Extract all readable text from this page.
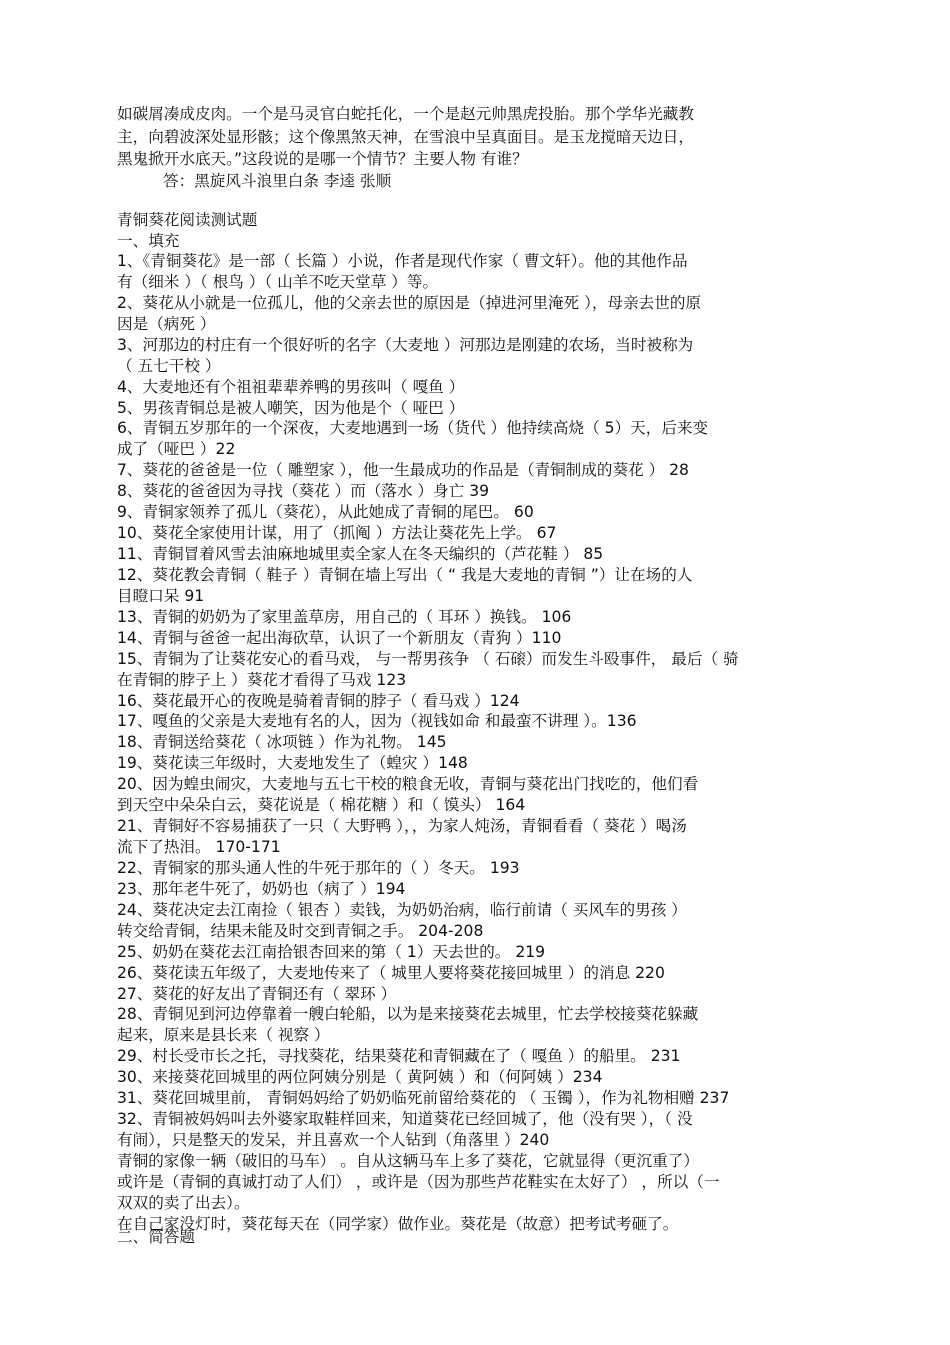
如碳屑凑成皮肉。一个是马灵官白蛇托化，一个是赵元帅黑虎投胎。那个学华光藏教
主，向碧波深处显形骸；这个像黑煞天神，在雪浪中呈真面目。是玉龙搅暗天边日，
黑鬼掀开水底天。”这段说的是哪一个情节？主要人物 有谁？
答：黑旋风斗浪里白条 李逵 张顺
青铜葵花阅读测试题
一、填充
1、《青铜葵花》是一部（ 长篇 ）小说，作者是现代作家（ 曹文轩）。他的其他作品
有（细米 ）（ 根鸟 ）（ 山羊不吃天堂草 ）等。
2、葵花从小就是一位孤儿，他的父亲去世的原因是（掉进河里淹死 ），母亲去世的原
因是（病死 ）
3、河那边的村庄有一个很好听的名字（大麦地 ）河那边是刚建的农场，当时被称为
（ 五七干校 ）
4、大麦地还有个祖祖辈辈养鸭的男孩叫（ 嘎鱼 ）
5、男孩青铜总是被人嘲笑，因为他是个（ 哑巴 ）
6、青铜五岁那年的一个深夜，大麦地遇到一场（货代 ）他持续高烧（ 5）天，后来变
成了（哑巴 ）22
7、葵花的爸爸是一位（ 雕塑家 ），他一生最成功的作品是（青铜制成的葵花 ） 28
8、葵花的爸爸因为寻找（葵花 ）而（落水 ）身亡 39
9、青铜家领养了孤儿（葵花），从此她成了青铜的尾巴。 60
10、葵花全家使用计谋，用了（抓阄 ）方法让葵花先上学。 67
11、青铜冒着风雪去油麻地城里卖全家人在冬天编织的（芦花鞋 ） 85
12、葵花教会青铜（ 鞋子 ）青铜在墙上写出（ “ 我是大麦地的青铜 ”）让在场的人
目瞪口呆 91
13、青铜的奶奶为了家里盖草房，用自己的（ 耳环 ）换钱。 106
14、青铜与爸爸一起出海砍草，认识了一个新朋友（青狗 ）110
15、青铜为了让葵花安心的看马戏， 与一帮男孩争 （ 石磙）而发生斗殴事件， 最后（ 骑
在青铜的脖子上 ）葵花才看得了马戏 123
16、葵花最开心的夜晚是骑着青铜的脖子（ 看马戏 ）124
17、嘎鱼的父亲是大麦地有名的人，因为（视钱如命 和最蛮不讲理 ）。136
18、青铜送给葵花（ 冰项链 ）作为礼物。 145
19、葵花读三年级时，大麦地发生了（蝗灾 ）148
20、因为蝗虫闹灾，大麦地与五七干校的粮食无收，青铜与葵花出门找吃的，他们看
到天空中朵朵白云，葵花说是（ 棉花糖 ）和（ 馍头） 164
21、青铜好不容易捕获了一只（ 大野鸭 ），，为家人炖汤，青铜看看（ 葵花 ）喝汤
流下了热泪。 170-171
22、青铜家的那头通人性的牛死于那年的（ ）冬天。 193
23、那年老牛死了，奶奶也（病了 ）194
24、葵花决定去江南捡（ 银杏 ）卖钱，为奶奶治病，临行前请（ 买风车的男孩 ）
转交给青铜，结果未能及时交到青铜之手。 204-208
25、奶奶在葵花去江南拾银杏回来的第（ 1）天去世的。 219
26、葵花读五年级了，大麦地传来了（ 城里人要将葵花接回城里 ）的消息 220
27、葵花的好友出了青铜还有（ 翠环 ）
28、青铜见到河边停靠着一艘白轮船，以为是来接葵花去城里，忙去学校接葵花躲藏
起来，原来是县长来（ 视察 ）
29、村长受市长之托，寻找葵花，结果葵花和青铜藏在了（ 嘎鱼 ）的船里。 231
30、来接葵花回城里的两位阿姨分别是（ 黄阿姨 ）和（何阿姨 ）234
31、葵花回城里前， 青铜妈妈给了奶奶临死前留给葵花的 （ 玉镯 ），作为礼物相赠 237
32、青铜被妈妈叫去外婆家取鞋样回来，知道葵花已经回城了，他（没有哭 ），（ 没
有闹），只是整天的发呆，并且喜欢一个人钻到（角落里 ）240
青铜的家像一辆（破旧的马车） 。自从这辆马车上多了葵花，它就显得（更沉重了）
或许是（青铜的真诚打动了人们） ，或许是（因为那些芦花鞋实在太好了） ，所以（一
双双的卖了出去）。
在自己家没灯时，葵花每天在（同学家）做作业。葵花是（故意）把考试考砸了。
二、简答题
